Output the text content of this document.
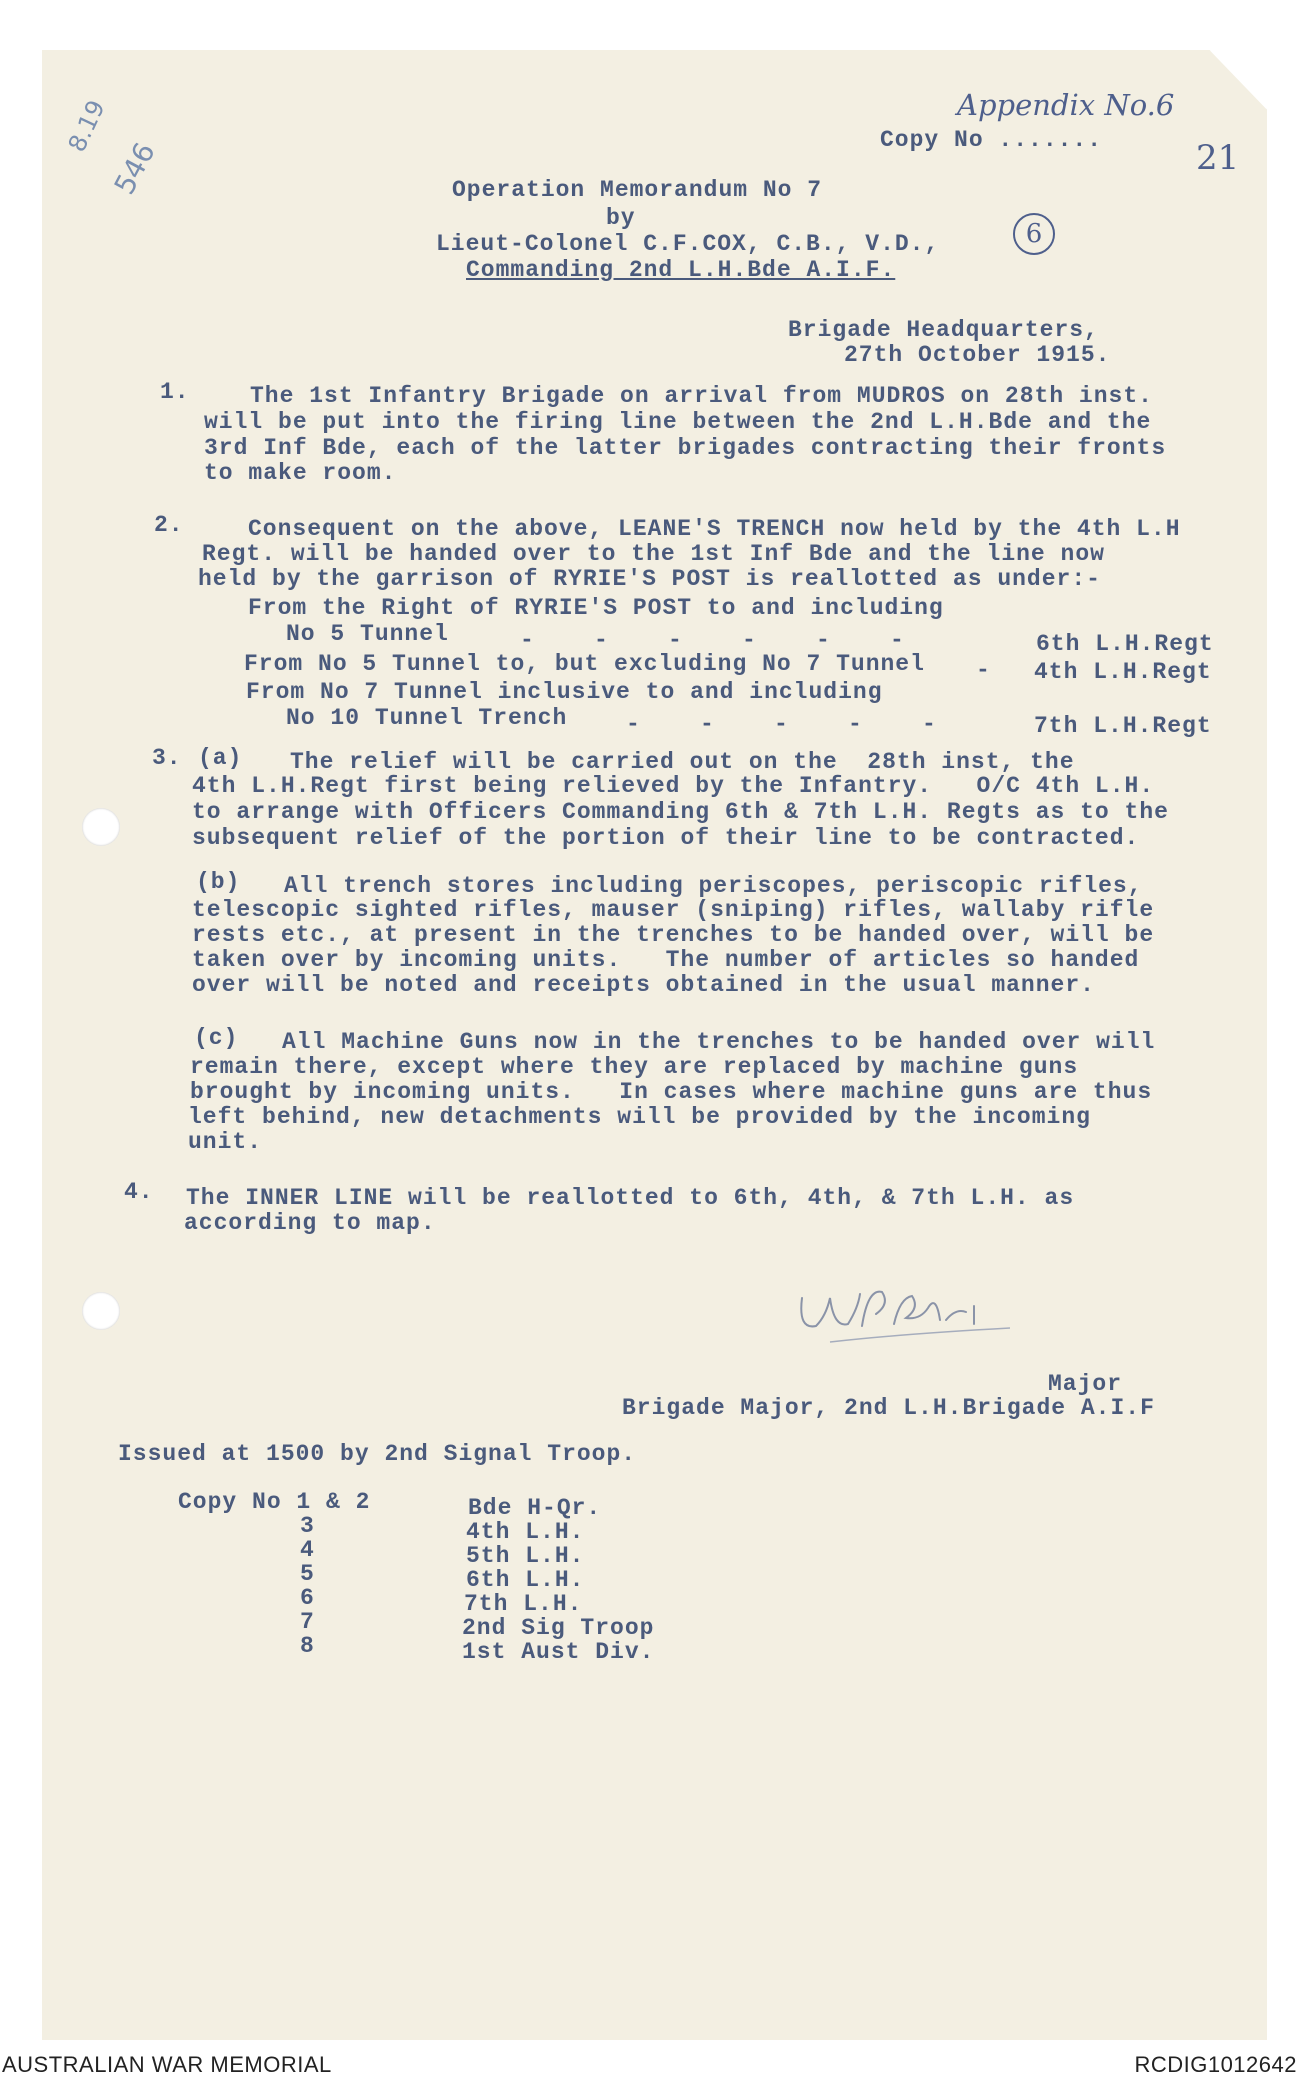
Appendix No.6
21
6
8.19
546	Copy No .......
Operation Memorandum No 7
by
Lieut-Colonel C.F.COX, C.B., V.D.,
Commanding 2nd L.H.Bde A.I.F.
Brigade Headquarters,
27th October 1915.
1.	The 1st Infantry Brigade on arrival from MUDROS on 28th inst.
will be put into the firing line between the 2nd L.H.Bde and the
3rd Inf Bde, each of the latter brigades contracting their fronts
to make room.
2.	Consequent on the above, LEANE'S TRENCH now held by the 4th L.H
Regt. will be handed over to the 1st Inf Bde and the line now
held by the garrison of RYRIE'S POST is reallotted as under:-
From the Right of RYRIE'S POST to and including
No 5 Tunnel	-    -    -    -    -    -	6th L.H.Regt
From No 5 Tunnel to, but excluding No 7 Tunnel - 4th L.H.Regt
From No 7 Tunnel inclusive to and including
No 10 Tunnel Trench	-    -    -    -    -	7th L.H.Regt
3. (a) The relief will be carried out on the  28th inst, the
4th L.H.Regt first being relieved by the Infantry.   O/C 4th L.H.
to arrange with Officers Commanding 6th & 7th L.H. Regts as to the
subsequent relief of the portion of their line to be contracted.
(b) All trench stores including periscopes, periscopic rifles,
telescopic sighted rifles, mauser (sniping) rifles, wallaby rifle
rests etc., at present in the trenches to be handed over, will be
taken over by incoming units.   The number of articles so handed
over will be noted and receipts obtained in the usual manner.
(c) All Machine Guns now in the trenches to be handed over will
remain there, except where they are replaced by machine guns
brought by incoming units.   In cases where machine guns are thus
left behind, new detachments will be provided by the incoming
unit.
4. The INNER LINE will be reallotted to 6th, 4th, & 7th L.H. as
according to map.
Major
Brigade Major, 2nd L.H.Brigade A.I.F
Issued at 1500 by 2nd Signal Troop.
Copy No 1 & 2	Bde H-Qr.
3	4th L.H.
4	5th L.H.
5	6th L.H.
6	7th L.H.
7	2nd Sig Troop
8	1st Aust Div.
AUSTRALIAN WAR MEMORIAL	RCDIG1012642
